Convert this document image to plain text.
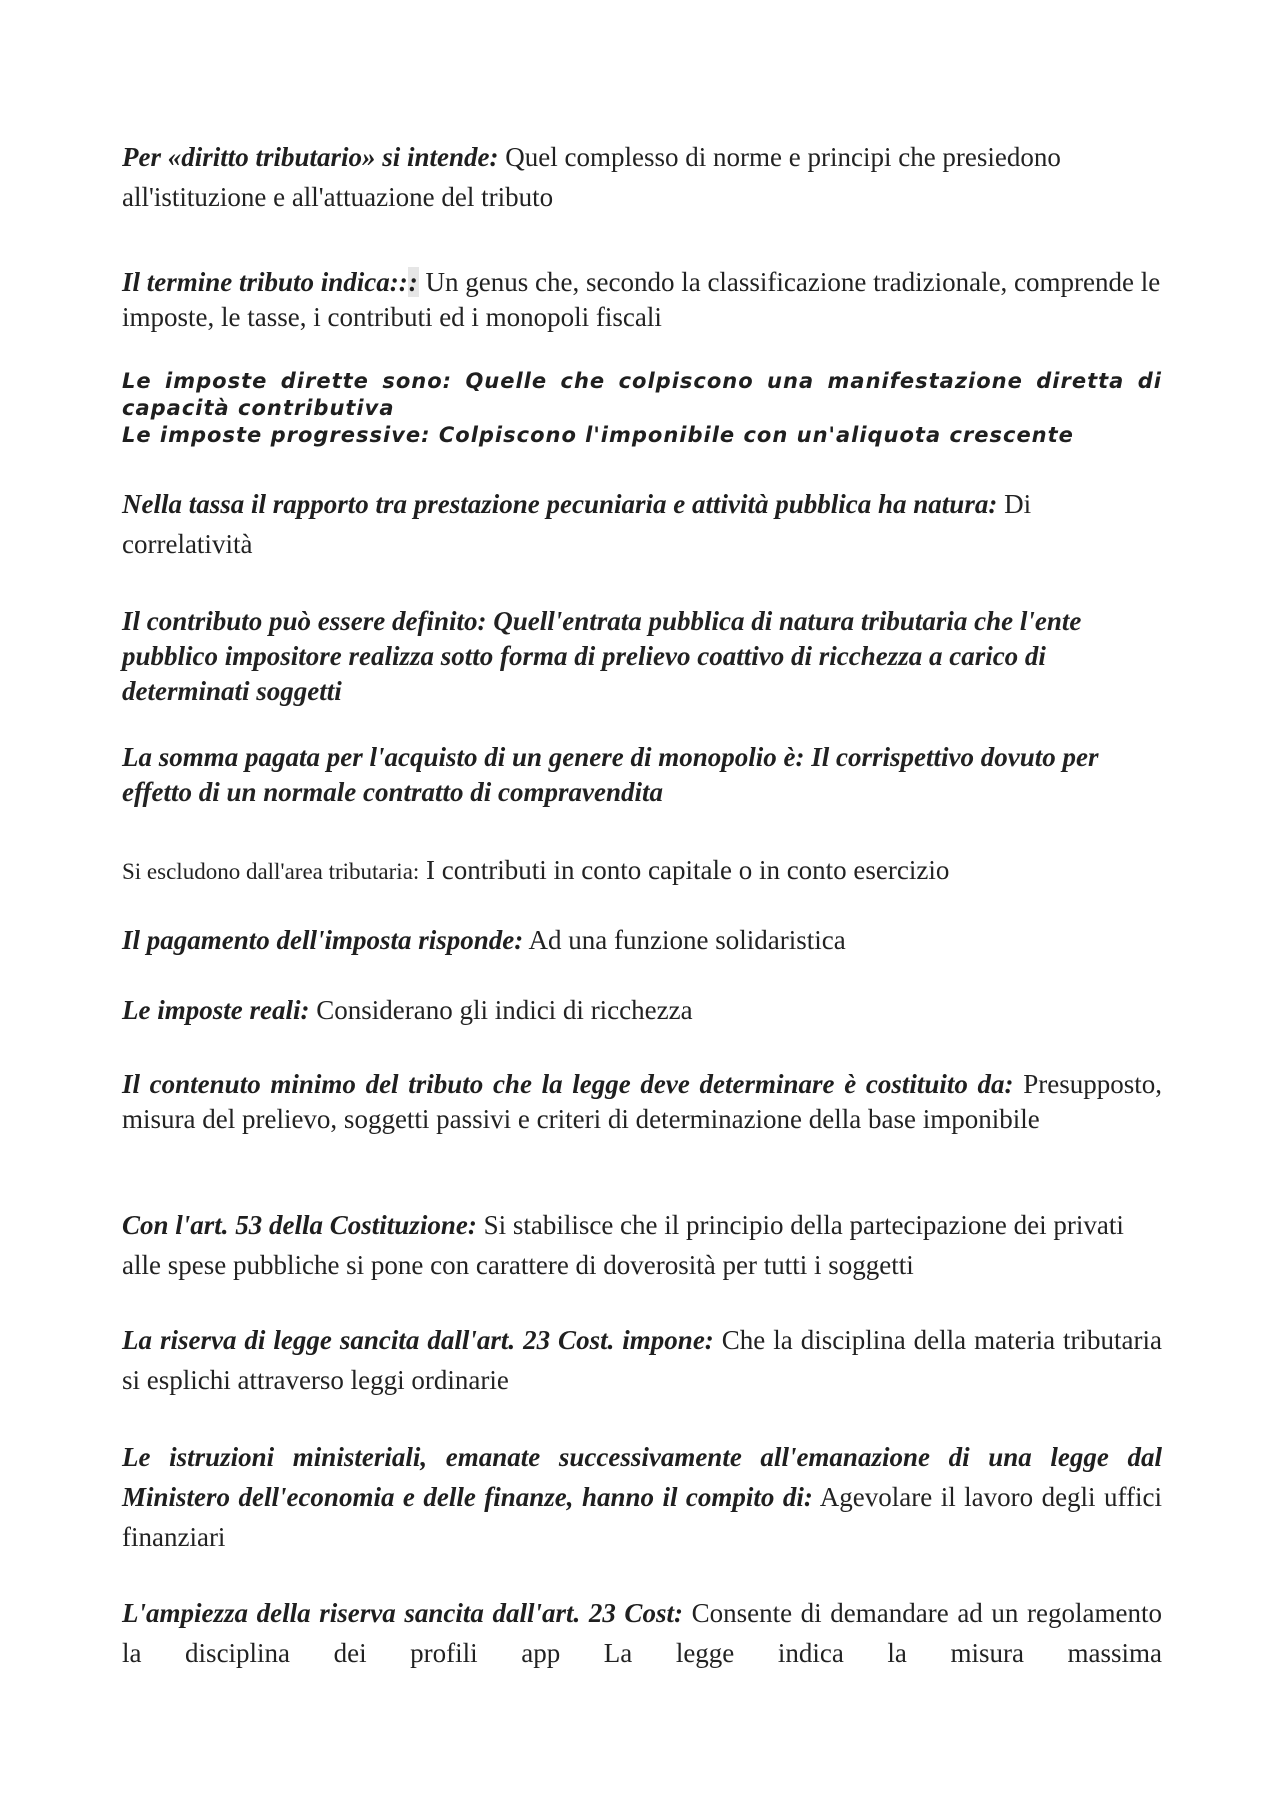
Per «diritto tributario» si intende: Quel complesso di norme e principi che presiedono all'istituzione e all'attuazione del tributo

Il termine tributo indica::: Un genus che, secondo la classificazione tradizionale, comprende le imposte, le tasse, i contributi ed i monopoli fiscali

Le imposte dirette sono: Quelle che colpiscono una manifestazione diretta di capacità contributiva
Le imposte progressive: Colpiscono l'imponibile con un'aliquota crescente

Nella tassa il rapporto tra prestazione pecuniaria e attività pubblica ha natura: Di correlatività

Il contributo può essere definito: Quell'entrata pubblica di natura tributaria che l'ente pubblico impositore realizza sotto forma di prelievo coattivo di ricchezza a carico di determinati soggetti

La somma pagata per l'acquisto di un genere di monopolio è: Il corrispettivo dovuto per effetto di un normale contratto di compravendita

Si escludono dall'area tributaria: I contributi in conto capitale o in conto esercizio

Il pagamento dell'imposta risponde: Ad una funzione solidaristica

Le imposte reali: Considerano gli indici di ricchezza

Il contenuto minimo del tributo che la legge deve determinare è costituito da: Presupposto, misura del prelievo, soggetti passivi e criteri di determinazione della base imponibile

Con l'art. 53 della Costituzione: Si stabilisce che il principio della partecipazione dei privati alle spese pubbliche si pone con carattere di doverosità per tutti i soggetti

La riserva di legge sancita dall'art. 23 Cost. impone: Che la disciplina della materia tributaria si esplichi attraverso leggi ordinarie

Le istruzioni ministeriali, emanate successivamente all'emanazione di una legge dal Ministero dell'economia e delle finanze, hanno il compito di: Agevolare il lavoro degli uffici finanziari

L'ampiezza della riserva sancita dall'art. 23 Cost: Consente di demandare ad un regolamento la disciplina dei profili app La legge indica la misura massima
